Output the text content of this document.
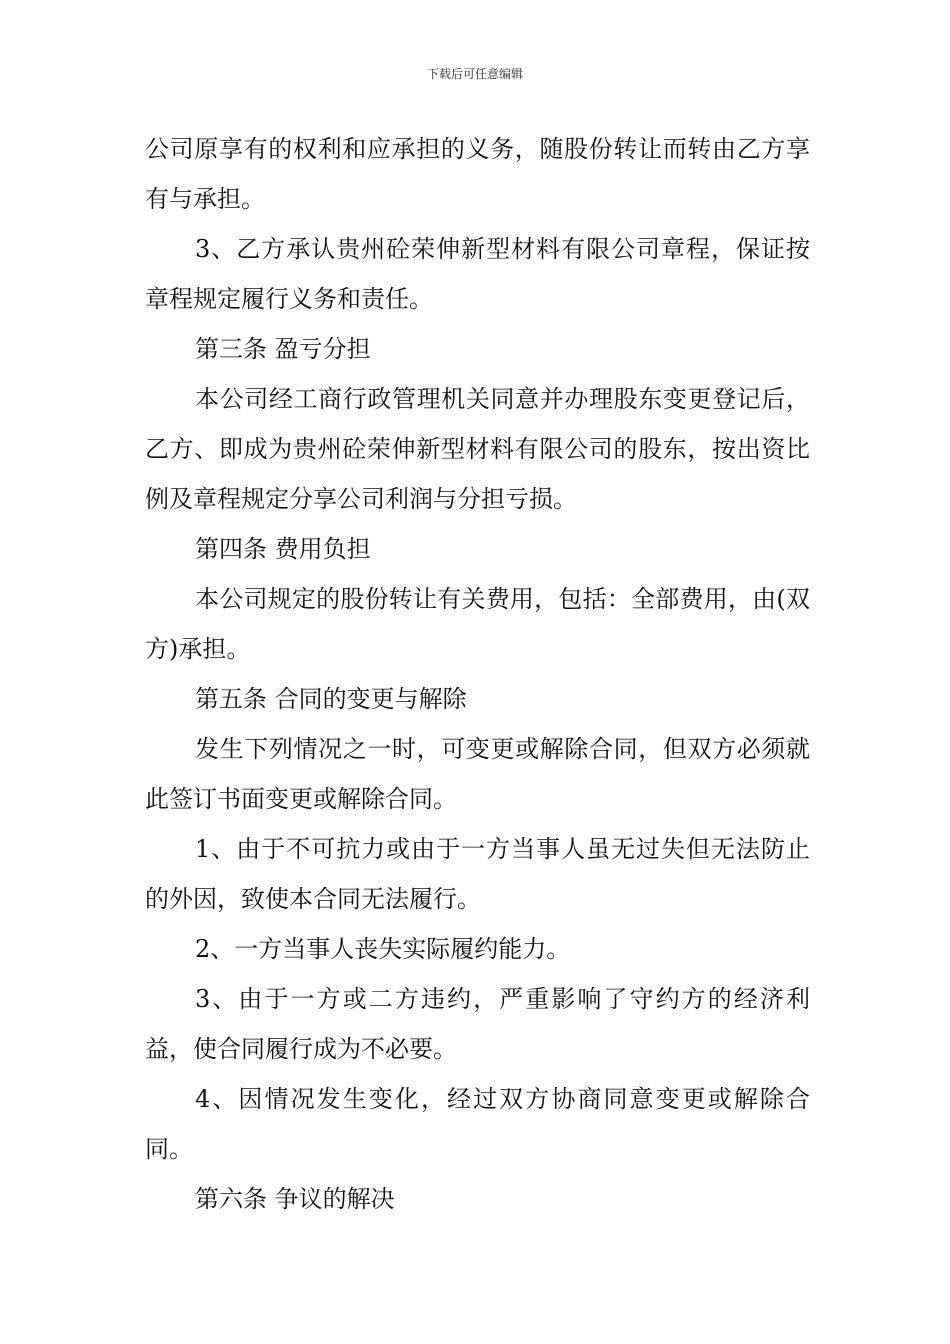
下载后可任意编辑

公司原享有的权利和应承担的义务，随股份转让而转由乙方享有与承担。

3、乙方承认贵州砼荣伸新型材料有限公司章程，保证按章程规定履行义务和责任。

第三条 盈亏分担

本公司经工商行政管理机关同意并办理股东变更登记后，乙方、即成为贵州砼荣伸新型材料有限公司的股东，按出资比例及章程规定分享公司利润与分担亏损。

第四条 费用负担

本公司规定的股份转让有关费用，包括：全部费用，由(双方)承担。

第五条 合同的变更与解除

发生下列情况之一时，可变更或解除合同，但双方必须就此签订书面变更或解除合同。

1、由于不可抗力或由于一方当事人虽无过失但无法防止的外因，致使本合同无法履行。

2、一方当事人丧失实际履约能力。

3、由于一方或二方违约，严重影响了守约方的经济利益，使合同履行成为不必要。

4、因情况发生变化，经过双方协商同意变更或解除合同。

第六条 争议的解决
